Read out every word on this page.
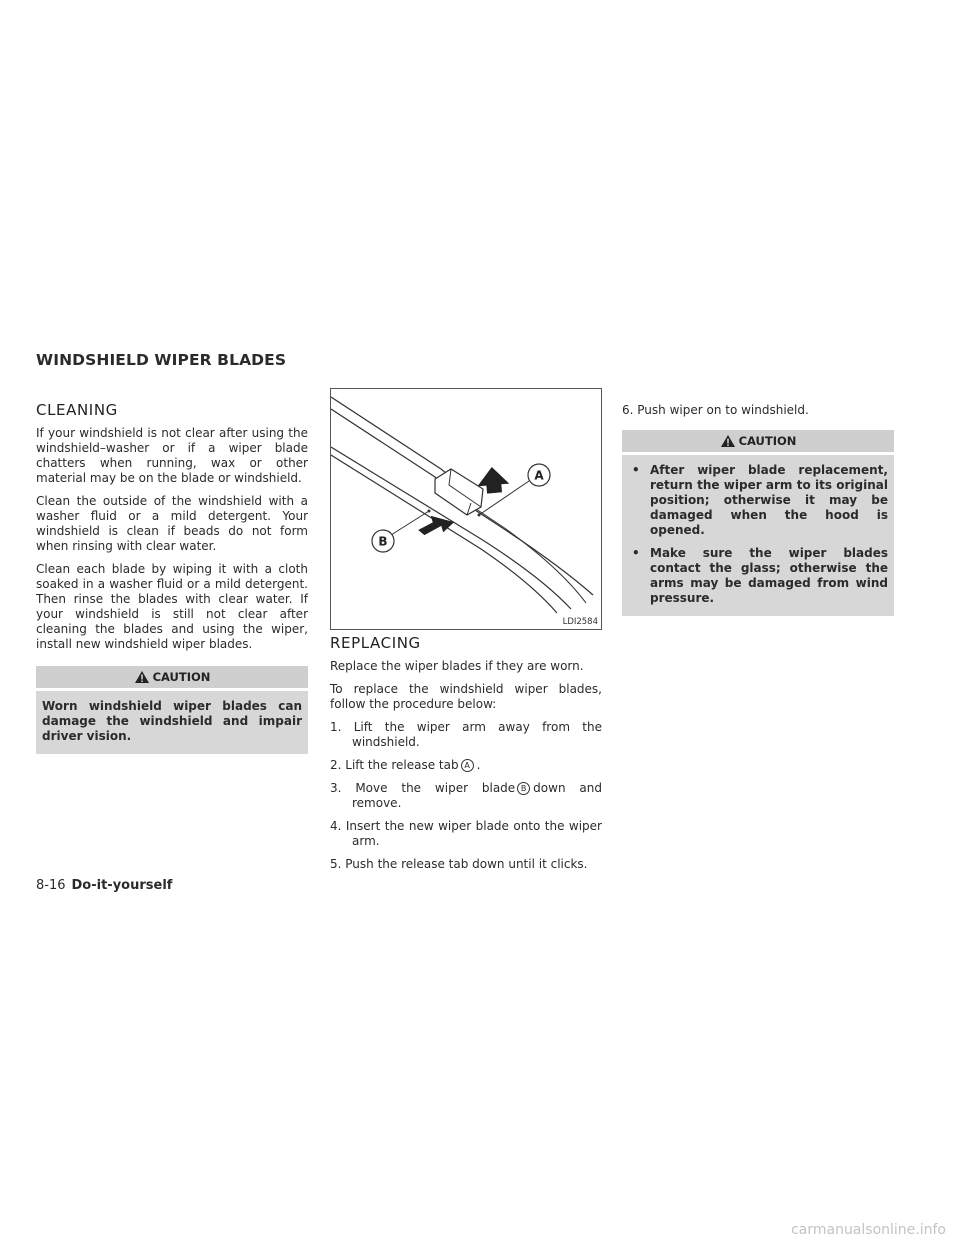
WINDSHIELD WIPER BLADES
CLEANING

If your windshield is not clear after using the windshield–washer or if a wiper blade chatters when running, wax or other material may be on the blade or windshield.

Clean the outside of the windshield with a washer fluid or a mild detergent. Your windshield is clean if beads do not form when rinsing with clear water.

Clean each blade by wiping it with a cloth soaked in a washer fluid or a mild detergent. Then rinse the blades with clear water. If your windshield is still not clear after cleaning the blades and using the wiper, install new windshield wiper blades.

CAUTION

Worn windshield wiper blades can damage the windshield and impair driver vision.

A
B
LDI2584
REPLACING

Replace the wiper blades if they are worn.

To replace the windshield wiper blades, follow the procedure below:

1. Lift the wiper arm away from the windshield.
2. Lift the release tab A .
3. Move the wiper blade B down and remove.
4. Insert the new wiper blade onto the wiper arm.
5. Push the release tab down until it clicks.
6. Push wiper on to windshield.
CAUTION
• After wiper blade replacement, return the wiper arm to its original position; otherwise it may be damaged when the hood is opened.
• Make sure the wiper blades contact the glass; otherwise the arms may be damaged from wind pressure.
8-16 Do-it-yourself
carmanualsonline.info
